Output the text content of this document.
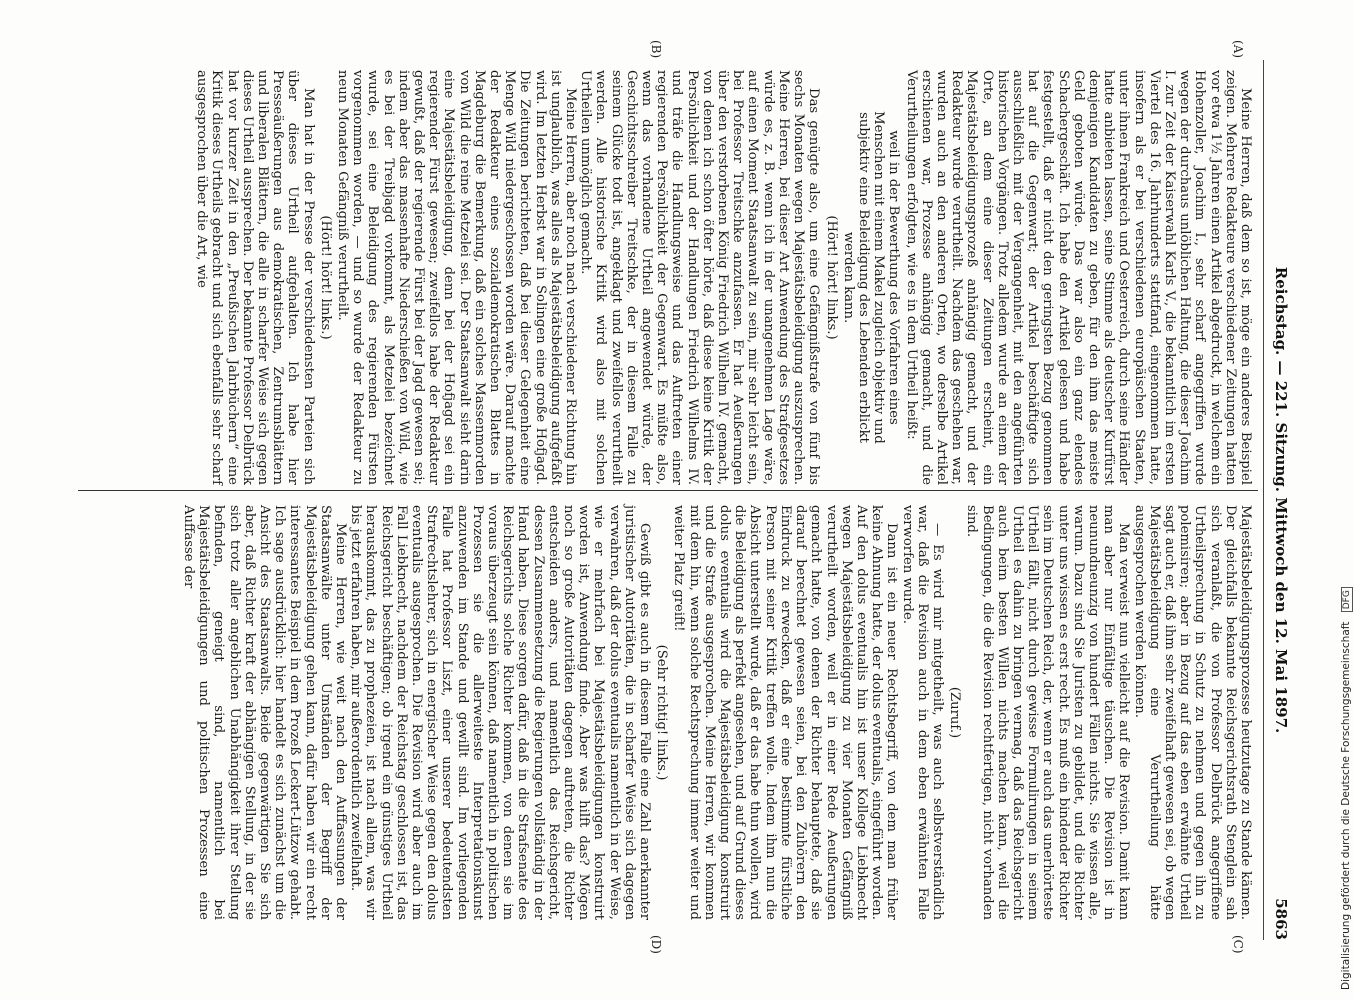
Reichstag. — 221. Sitzung. Mittwoch den 12. Mai 1897.
5863
(A)
(B)
(C)
(D)

Meine Herren, daß dem so ist, möge ein anderes Beispiel zeigen. Mehrere Redakteure verschiedener Zeitungen hatten vor etwa 1½ Jahren einen Artikel abgedruckt, in welchem ein Hohenzoller, Joachim I., sehr scharf angegriffen wurde wegen der durchaus unlöblichen Haltung, die dieser Joachim I. zur Zeit der Kaiserwahl Karls V., die bekanntlich im ersten Viertel des 16. Jahrhunderts stattfand, eingenommen hatte, insofern als er bei verschiedenen europäischen Staaten, unter ihnen Frankreich und Oesterreich, durch seine Händler hatte anbieten lassen, seine Stimme als deutscher Kurfürst demjenigen Kandidaten zu geben, für den ihm das meiste Geld geboten würde. Das war also ein ganz elendes Schachergeschäft. Ich habe den Artikel gelesen und habe festgestellt, daß er nicht den geringsten Bezug genommen hat auf die Gegenwart; der Artikel beschäftigte sich ausschließlich mit der Vergangenheit, mit den angeführten historischen Vorgängen. Trotz alledem wurde an einem der Orte, an dem eine dieser Zeitungen erscheint, ein Majestätsbeleidigungsprozeß anhängig gemacht, und der Redakteur wurde verurtheilt. Nachdem das geschehen war, wurden auch an den anderen Orten, wo derselbe Artikel erschienen war, Prozesse anhängig gemacht, und die Verurtheilungen erfolgten, wie es in dem Urtheil heißt:

weil in der Bewerthung des Vorfahren eines Menschen mit einem Makel zugleich objektiv und subjektiv eine Beleidigung des Lebenden erblickt werden kann.

(Hört! hört! links.)

Das genügte also, um eine Gefängnißstrafe von fünf bis sechs Monaten wegen Majestätsbeleidigung auszusprechen. Meine Herren, bei dieser Art Anwendung des Strafgesetzes würde es, z. B. wenn ich in der unangenehmen Lage wäre, auf einen Moment Staatsanwalt zu sein, mir sehr leicht sein, bei Professor Treitschke anzufassen. Er hat Aeußerungen über den verstorbenen König Friedrich Wilhelm IV. gemacht, von denen ich schon öfter hörte, daß diese keine Kritik der Persönlichkeit und der Handlungen Friedrich Wilhelms IV. und träfe die Handlungsweise und das Auftreten einer regierenden Persönlichkeit der Gegenwart. Es müßte also, wenn das vorhandene Urtheil angewendet würde, der Geschichtsschreiber Treitschke, der in diesem Falle zu seinem Glücke todt ist, angeklagt und zweifellos verurtheilt werden. Alle historische Kritik wird also mit solchen Urtheilen unmöglich gemacht.

Meine Herren, aber noch nach verschiedener Richtung hin ist unglaublich, was alles als Majestätsbeleidigung aufgefaßt wird. Im letzten Herbst war in Solingen eine große Hofjagd. Die Zeitungen berichteten, daß bei dieser Gelegenheit eine Menge Wild niedergeschossen worden wäre. Darauf machte der Redakteur eines sozialdemokratischen Blattes in Magdeburg die Bemerkung, daß ein solches Massenmorden von Wild die reine Metzelei sei. Der Staatsanwalt sieht darin eine Majestätsbeleidigung, denn bei der Hofjagd sei ein regierender Fürst gewesen; zweifellos habe der Redakteur gewußt, daß der regierende Fürst bei der Jagd gewesen sei; indem aber das massenhafte Niederschießen von Wild, wie es bei der Treibjagd vorkommt, als Metzelei bezeichnet wurde, sei eine Beleidigung des regierenden Fürsten vorgenommen worden, — und so wurde der Redakteur zu neun Monaten Gefängniß verurtheilt.

(Hört! hört! links.)

Man hat in der Presse der verschiedensten Parteien sich über dieses Urtheil aufgehalten. Ich habe hier Presseäußerungen aus demokratischen, Zentrumsblättern und liberalen Blättern, die alle in scharfer Weise sich gegen dieses Urtheil aussprechen. Der bekannte Professor Delbrück hat vor kurzer Zeit in den „Preußischen Jahrbüchern“ eine Kritik dieses Urtheils gebracht und sich ebenfalls sehr scharf ausgesprochen über die Art, wie

Majestätsbeleidigungsprozesse heutzutage zu Stande kämen. Der gleichfalls bekannte Reichsgerichtsrath Stenglein sah sich veranlaßt, die von Professor Delbrück angegriffene Urtheilsprechung in Schutz zu nehmen und gegen ihn zu polemisiren; aber in Bezug auf das eben erwähnte Urtheil sagt auch er, daß ihm sehr zweifelhaft gewesen sei, ob wegen Majestätsbeleidigung eine Verurtheilung hätte ausgesprochen werden können.

Man verweist nun vielleicht auf die Revision. Damit kann man aber nur Einfältige täuschen. Die Revision ist in neunundneunzig von hundert Fällen nichts. Sie wissen alle, warum. Dazu sind Sie Juristen zu gebildet, und die Richter unter uns wissen es erst recht. Es muß ein bindender Richter sein im Deutschen Reich, der, wenn er auch das unerhörteste Urtheil fällt, nicht durch gewisse Formulirungen in seinem Urtheil es dahin zu bringen vermag, daß das Reichsgericht auch beim besten Willen nichts machen kann, weil die Bedingungen, die die Revision rechtfertigen, nicht vorhanden sind.

(Zuruf.)

— Es wird mir mitgetheilt, was auch selbstverständlich war, daß die Revision auch in dem eben erwähnten Falle verworfen wurde.

Dann ist ein neuer Rechtsbegriff, von dem man früher keine Ahnung hatte, der dolus eventualis, eingeführt worden. Auf den dolus eventualis hin ist unser Kollege Liebknecht wegen Majestätsbeleidigung zu vier Monaten Gefängniß verurtheilt worden, weil er in einer Rede Aeußerungen gemacht hatte, von denen der Richter behauptete, daß sie darauf berechnet gewesen seien, bei den Zuhörern den Eindruck zu erwecken, daß er eine bestimmte fürstliche Person mit seiner Kritik treffen wolle. Indem ihm nun die Absicht unterstellt wurde, daß er das habe thun wollen, wird die Beleidigung als perfekt angesehen, und auf Grund dieses dolus eventualis wird die Majestätsbeleidigung konstruirt und die Strafe ausgesprochen. Meine Herren, wir kommen mit dem hin, wenn solche Rechtsprechung immer weiter und weiter Platz greift!

(Sehr richtig! links.)

Gewiß gibt es auch in diesem Falle eine Zahl anerkannter juristischer Autoritäten, die in scharfer Weise sich dagegen verwahren, daß der dolus eventualis namentlich in der Weise, wie er mehrfach bei Majestätsbeleidigungen konstruirt worden ist, Anwendung finde. Aber was hilft das? Mögen noch so große Autoritäten dagegen auftreten, die Richter entscheiden anders, und namentlich das Reichsgericht, dessen Zusammensetzung die Regierungen vollständig in der Hand haben. Diese sorgen dafür, daß in die Strafsenate des Reichsgerichts solche Richter kommen, von denen sie im voraus überzeugt sein können, daß namentlich in politischen Prozessen sie die allerweiteste Interpretationskunst anzuwenden im Stande und gewillt sind. Im vorliegenden Falle hat Professor Liszt, einer unserer bedeutendsten Strafrechtslehrer, sich in energischer Weise gegen den dolus eventualis ausgesprochen. Die Revision wird aber auch im Fall Liebknecht, nachdem der Reichstag geschlossen ist, das Reichsgericht beschäftigen; ob irgend ein günstiges Urtheil herauskommt, das zu prophezeien, ist nach allem, was wir bis jetzt erfahren haben, mir außerordentlich zweifelhaft.

Meine Herren, wie weit nach den Auffassungen der Staatsanwälte unter Umständen der Begriff der Majestätsbeleidigung gehen kann, dafür haben wir ein recht interessantes Beispiel in dem Prozeß Leckert-Lützow gehabt. Ich sage ausdrücklich: hier handelt es sich zunächst um die Ansicht des Staatsanwalts. Beide gegenwärtigen Sie sich aber, daß Richter kraft der abhängigen Stellung, in der sie sich trotz aller angeblichen Unabhängigkeit ihrer Stellung befinden, geneigt sind, namentlich bei Majestätsbeleidigungen und politischen Prozessen eine Auffasse der

Digitalisierung gefördert durch die Deutsche Forschungsgemeinschaft DFG
